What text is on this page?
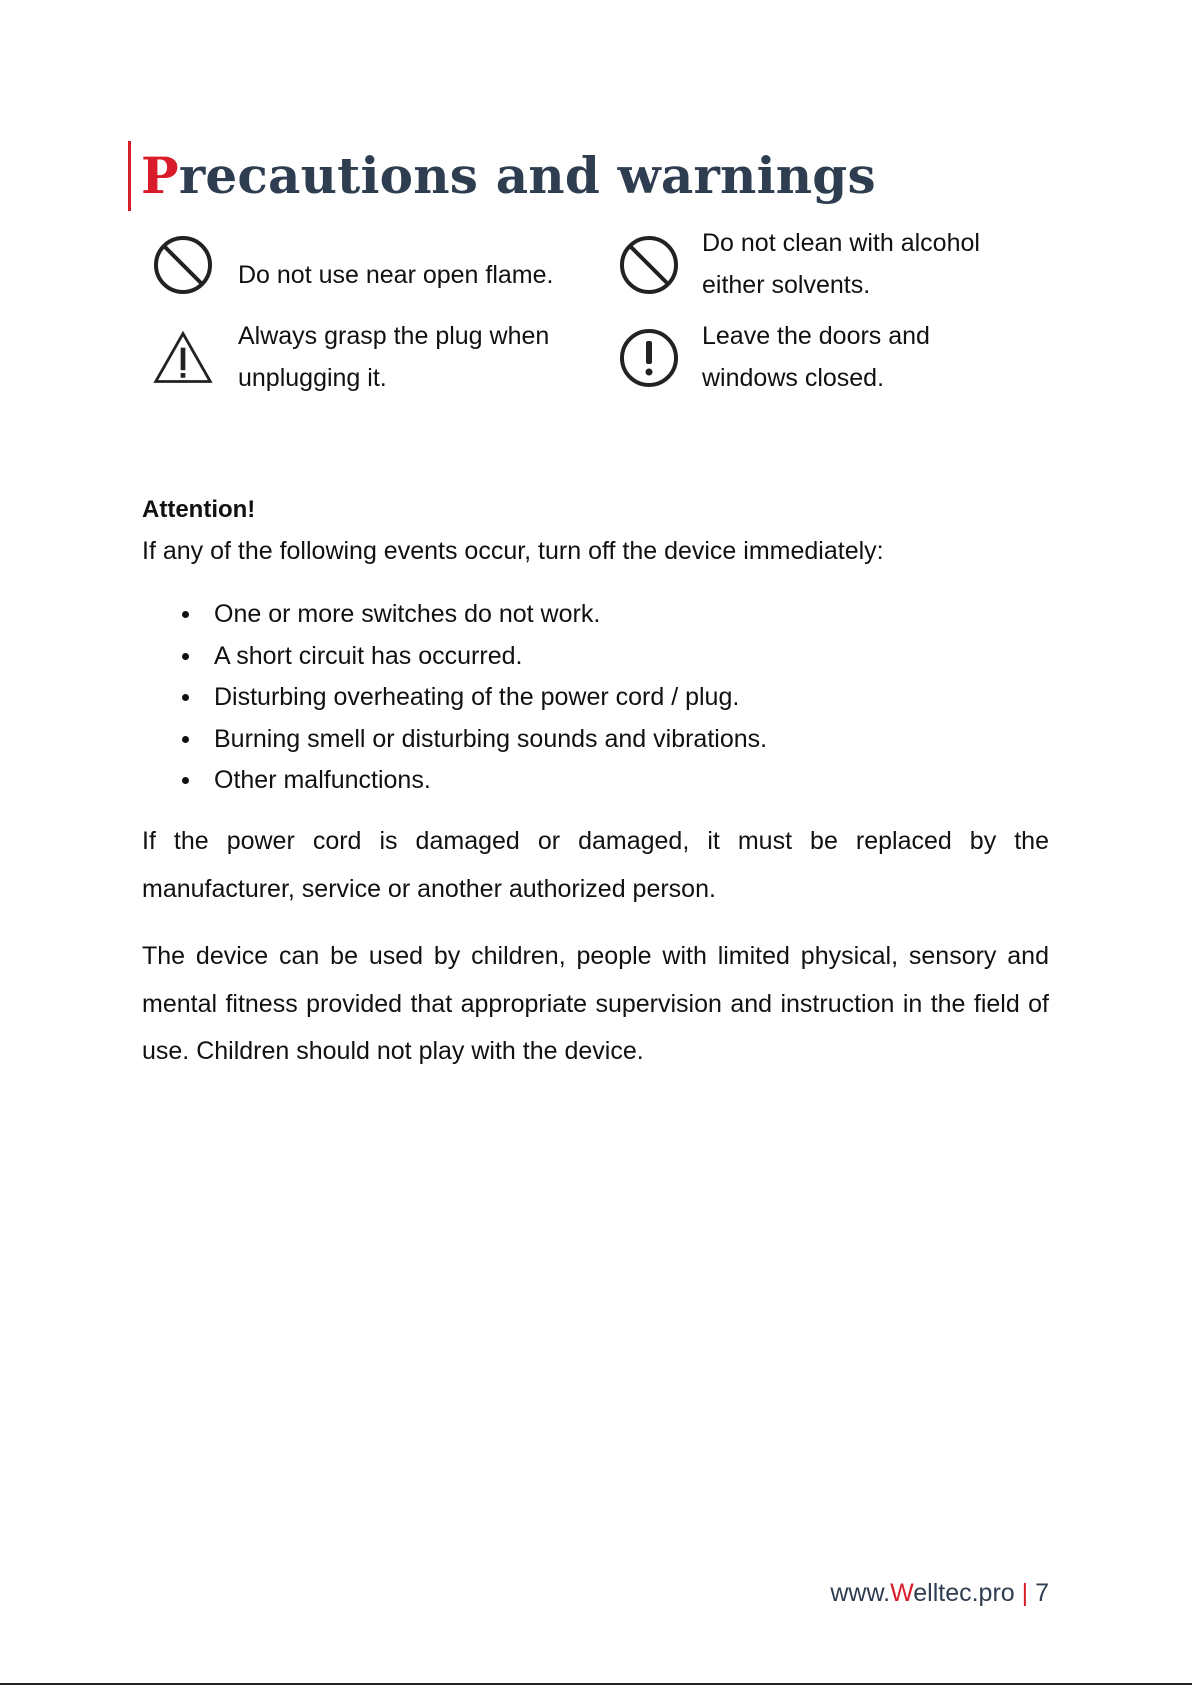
Precautions and warnings
Do not use near open flame.
Do not clean with alcohol
either solvents.
Always grasp the plug when
unplugging it.
Leave the doors and
windows closed.
Attention!
If any of the following events occur, turn off the device immediately:
One or more switches do not work.
A short circuit has occurred.
Disturbing overheating of the power cord / plug.
Burning smell or disturbing sounds and vibrations.
Other malfunctions.

If the power cord is damaged or damaged, it must be replaced by the manufacturer, service or another authorized person.

The device can be used by children, people with limited physical, sensory and mental fitness provided that appropriate supervision and instruction in the field of use. Children should not play with the device.

www.Welltec.pro | 7
